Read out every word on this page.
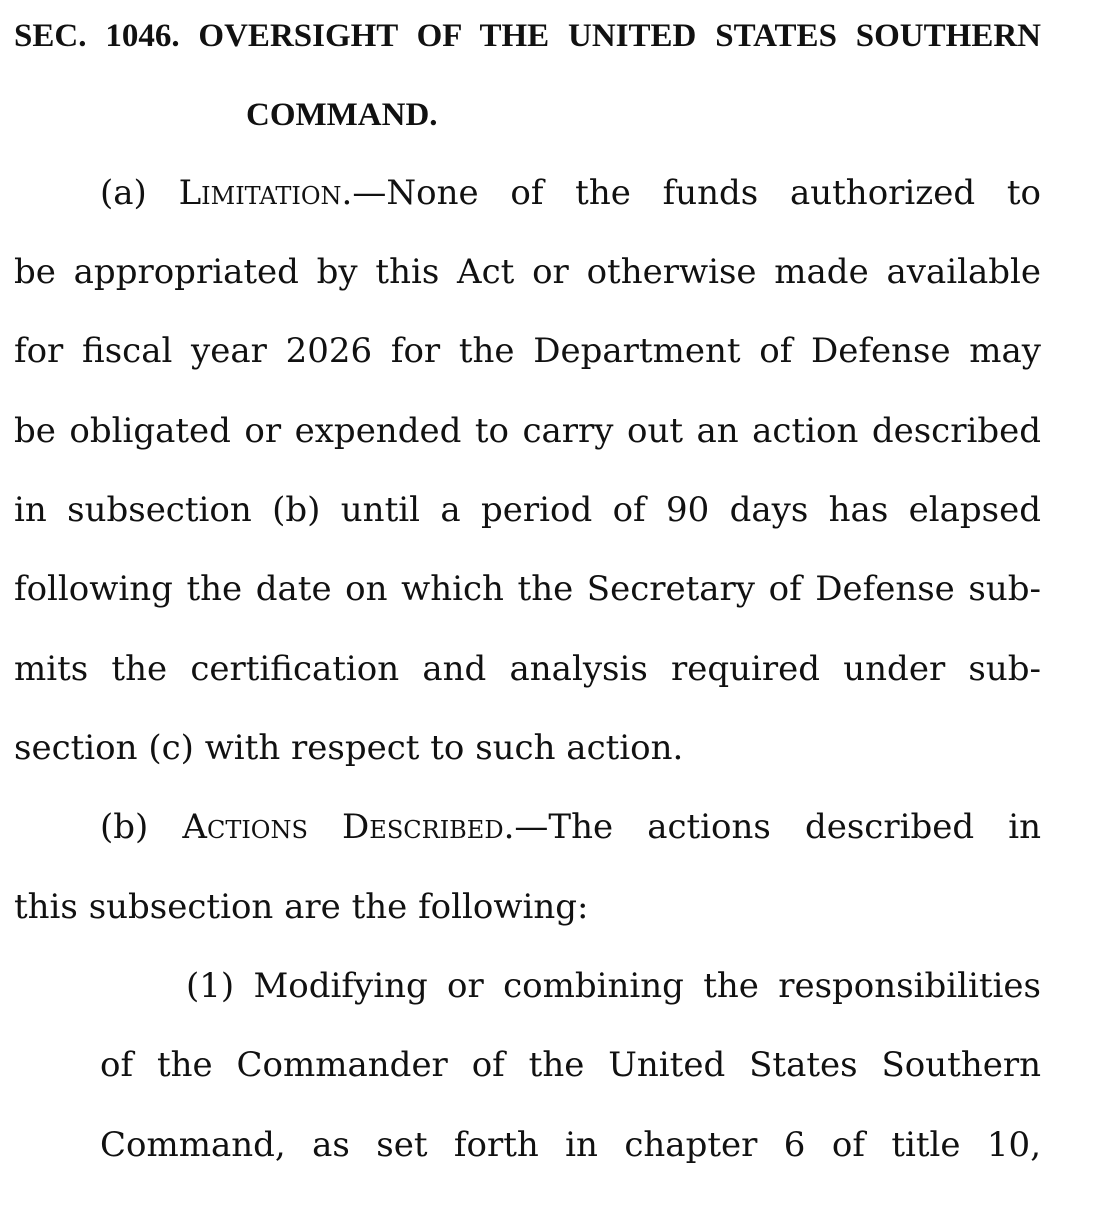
SEC. 1046. OVERSIGHT OF THE UNITED STATES SOUTHERN
COMMAND.
(a) Limitation.—None of the funds authorized to
be appropriated by this Act or otherwise made available
for fiscal year 2026 for the Department of Defense may
be obligated or expended to carry out an action described
in subsection (b) until a period of 90 days has elapsed
following the date on which the Secretary of Defense sub-
mits the certification and analysis required under sub-
section (c) with respect to such action.
(b) Actions Described.—The actions described in
this subsection are the following:
(1) Modifying or combining the responsibilities
of the Commander of the United States Southern
Command, as set forth in chapter 6 of title 10,
